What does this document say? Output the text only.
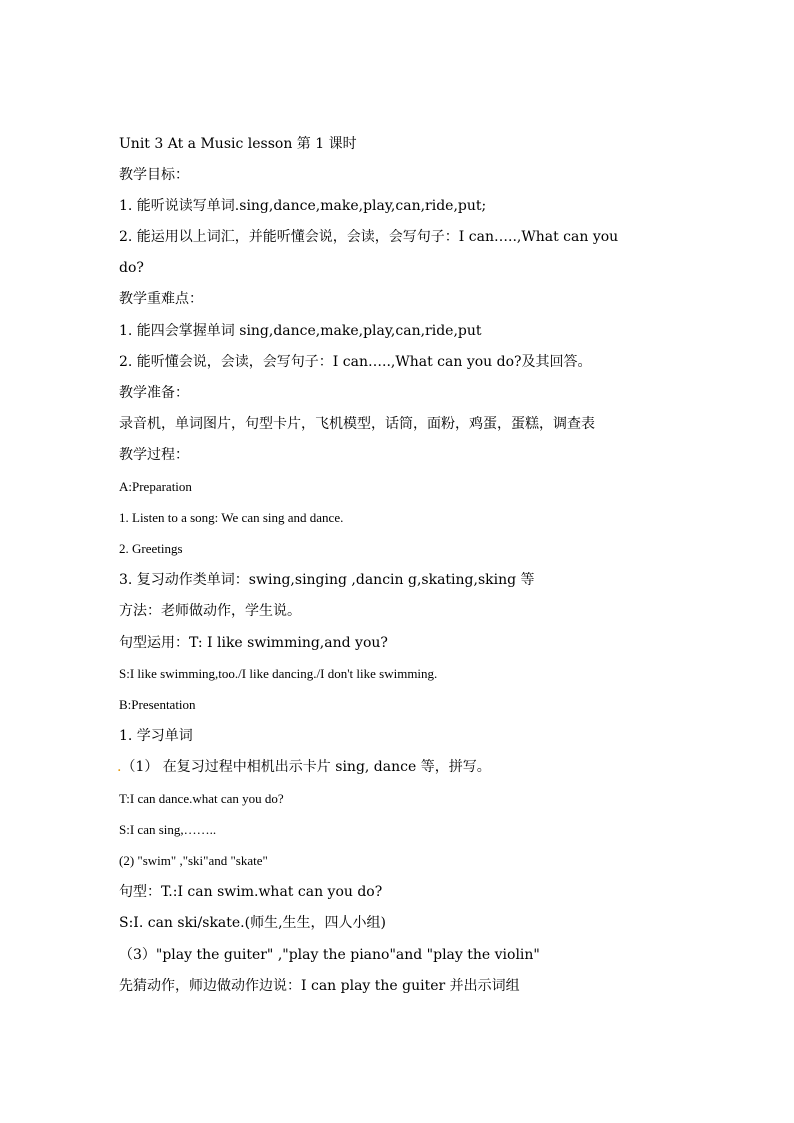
Unit 3 At a Music lesson 第 1 课时
教学目标：
1. 能听说读写单词.sing,dance,make,play,can,ride,put;
2. 能运用以上词汇，并能听懂会说，会读，会写句子：I can…..,What can you
do?
教学重难点：
1. 能四会掌握单词 sing,dance,make,play,can,ride,put
2. 能听懂会说，会读，会写句子：I can…..,What can you do?及其回答。
教学准备：
录音机，单词图片，句型卡片，飞机模型，话筒，面粉，鸡蛋，蛋糕，调查表
教学过程：
A:Preparation
1. Listen to a song: We can sing and dance.
2. Greetings
3. 复习动作类单词：swing,singing ,dancin g,skating,sking 等
方法：老师做动作，学生说。
句型运用：T: I like swimming,and you?
S:I like swimming,too./I like dancing./I don't like swimming.
B:Presentation
1. 学习单词
.（1） 在复习过程中相机出示卡片 sing, dance 等，拼写。
T:I can dance.what can you do?
S:I can sing,……..
(2) "swim" ,"ski"and "skate"
句型：T.:I can swim.what can you do?
S:I. can ski/skate.(师生,生生，四人小组)
（3）"play the guiter" ,"play the piano"and "play the violin"
先猜动作，师边做动作边说：I can play the guiter 并出示词组
